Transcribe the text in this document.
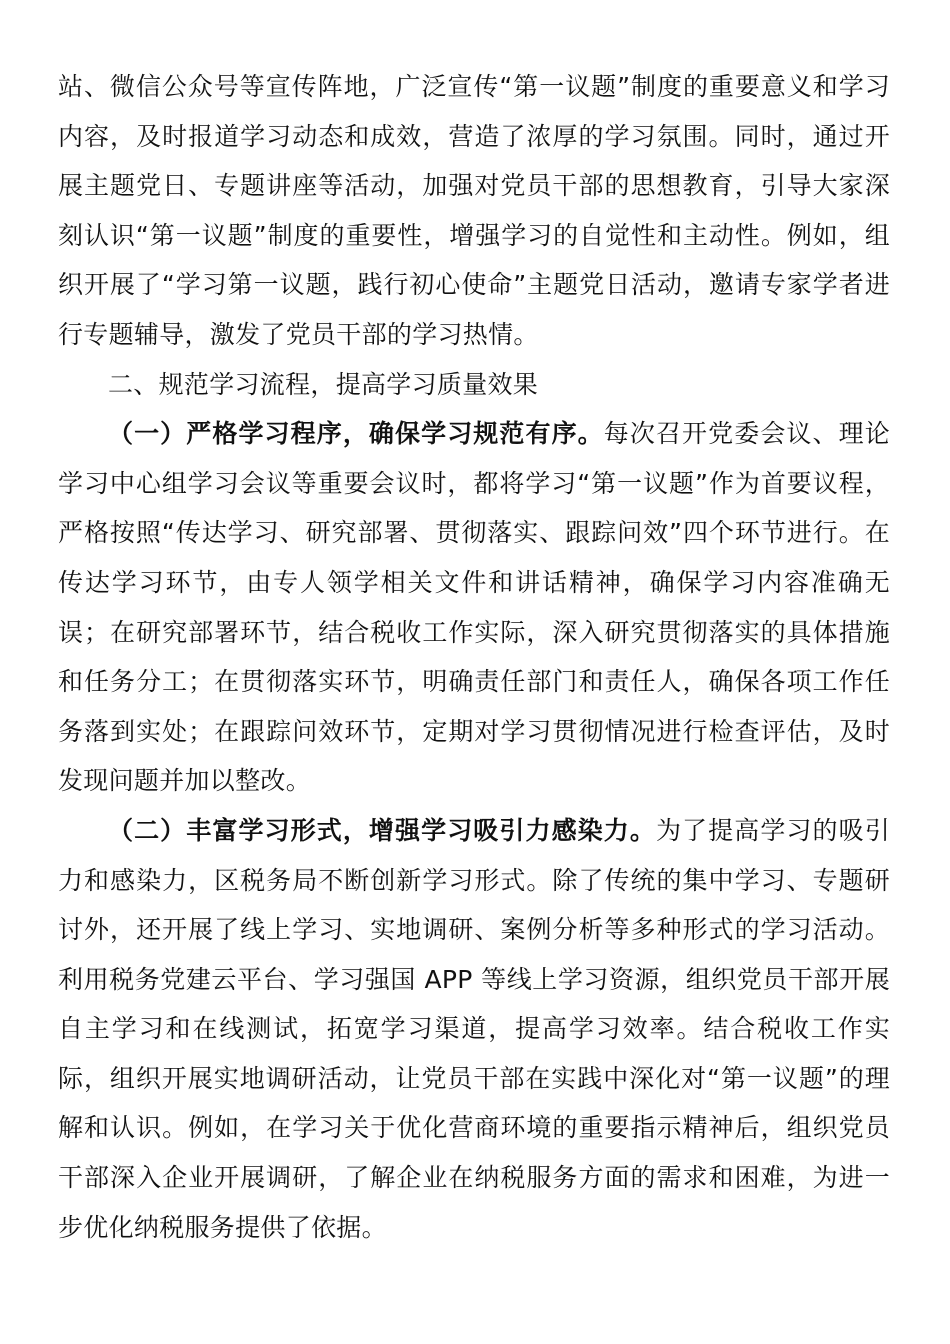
站、微信公众号等宣传阵地，广泛宣传“第一议题”制度的重要意义和学习内容，及时报道学习动态和成效，营造了浓厚的学习氛围。同时，通过开展主题党日、专题讲座等活动，加强对党员干部的思想教育，引导大家深刻认识“第一议题”制度的重要性，增强学习的自觉性和主动性。例如，组织开展了“学习第一议题，践行初心使命”主题党日活动，邀请专家学者进行专题辅导，激发了党员干部的学习热情。

二、规范学习流程，提高学习质量效果

（一）严格学习程序，确保学习规范有序。每次召开党委会议、理论学习中心组学习会议等重要会议时，都将学习“第一议题”作为首要议程，严格按照“传达学习、研究部署、贯彻落实、跟踪问效”四个环节进行。在传达学习环节，由专人领学相关文件和讲话精神，确保学习内容准确无误；在研究部署环节，结合税收工作实际，深入研究贯彻落实的具体措施和任务分工；在贯彻落实环节，明确责任部门和责任人，确保各项工作任务落到实处；在跟踪问效环节，定期对学习贯彻情况进行检查评估，及时发现问题并加以整改。

（二）丰富学习形式，增强学习吸引力感染力。为了提高学习的吸引力和感染力，区税务局不断创新学习形式。除了传统的集中学习、专题研讨外，还开展了线上学习、实地调研、案例分析等多种形式的学习活动。利用税务党建云平台、学习强国 APP 等线上学习资源，组织党员干部开展自主学习和在线测试，拓宽学习渠道，提高学习效率。结合税收工作实际，组织开展实地调研活动，让党员干部在实践中深化对“第一议题”的理解和认识。例如，在学习关于优化营商环境的重要指示精神后，组织党员干部深入企业开展调研，了解企业在纳税服务方面的需求和困难，为进一步优化纳税服务提供了依据。
